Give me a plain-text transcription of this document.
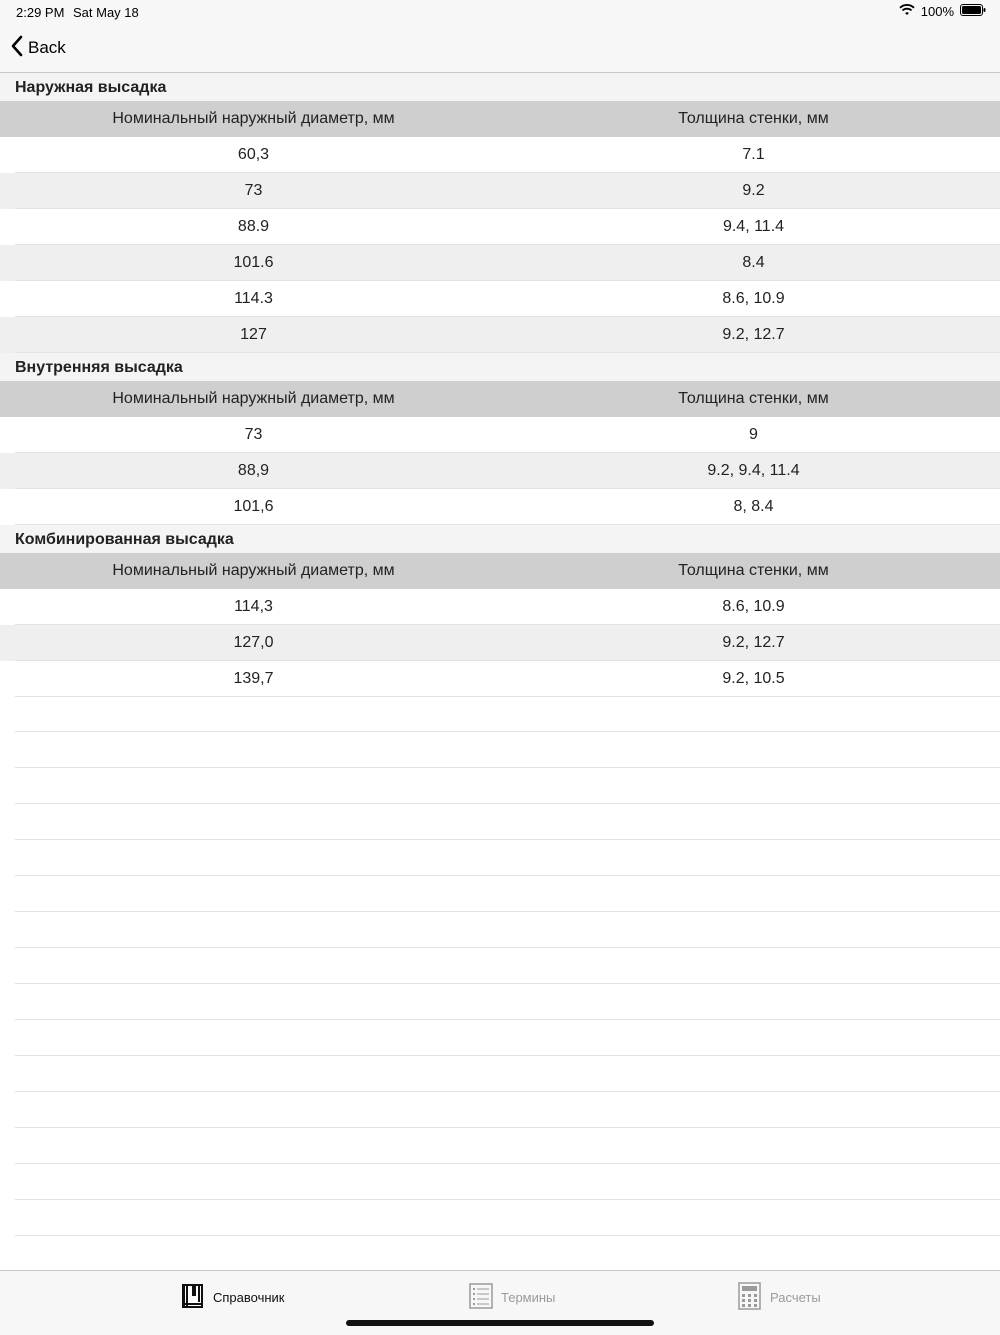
2:29 PM Sat May 18	100%
Back
Наружная высадка
Номинальный наружный диаметр, мм	Толщина стенки, мм
60,3	7.1
73	9.2
88.9	9.4, 11.4
101.6	8.4
114.3	8.6, 10.9
127	9.2, 12.7
Внутренняя высадка
Номинальный наружный диаметр, мм	Толщина стенки, мм
73	9
88,9	9.2, 9.4, 11.4
101,6	8, 8.4
Комбинированная высадка
Номинальный наружный диаметр, мм	Толщина стенки, мм
114,3	8.6, 10.9
127,0	9.2, 12.7
139,7	9.2, 10.5
Справочник	Термины	Расчеты
